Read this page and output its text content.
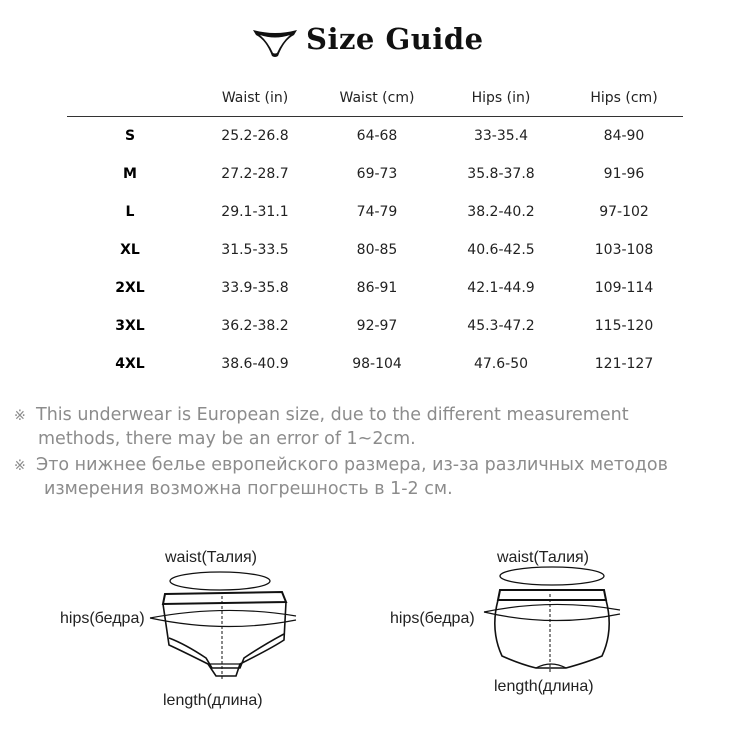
Size Guide
	Waist (in)	Waist (cm)	Hips (in)	Hips (cm)
S	25.2-26.8	64-68	33-35.4	84-90
M	27.2-28.7	69-73	35.8-37.8	91-96
L	29.1-31.1	74-79	38.2-40.2	97-102
XL	31.5-33.5	80-85	40.6-42.5	103-108
2XL	33.9-35.8	86-91	42.1-44.9	109-114
3XL	36.2-38.2	92-97	45.3-47.2	115-120
4XL	38.6-40.9	98-104	47.6-50	121-127
※ This underwear is European size, due to the different measurement
methods, there may be an error of 1~2cm.
※ Это нижнее белье европейского размера, из-за различных методов
измерения возможна погрешность в 1-2 см.
waist(Талия)
hips(бедра)
length(длина)
waist(Талия)
hips(бедра)
length(длина)
